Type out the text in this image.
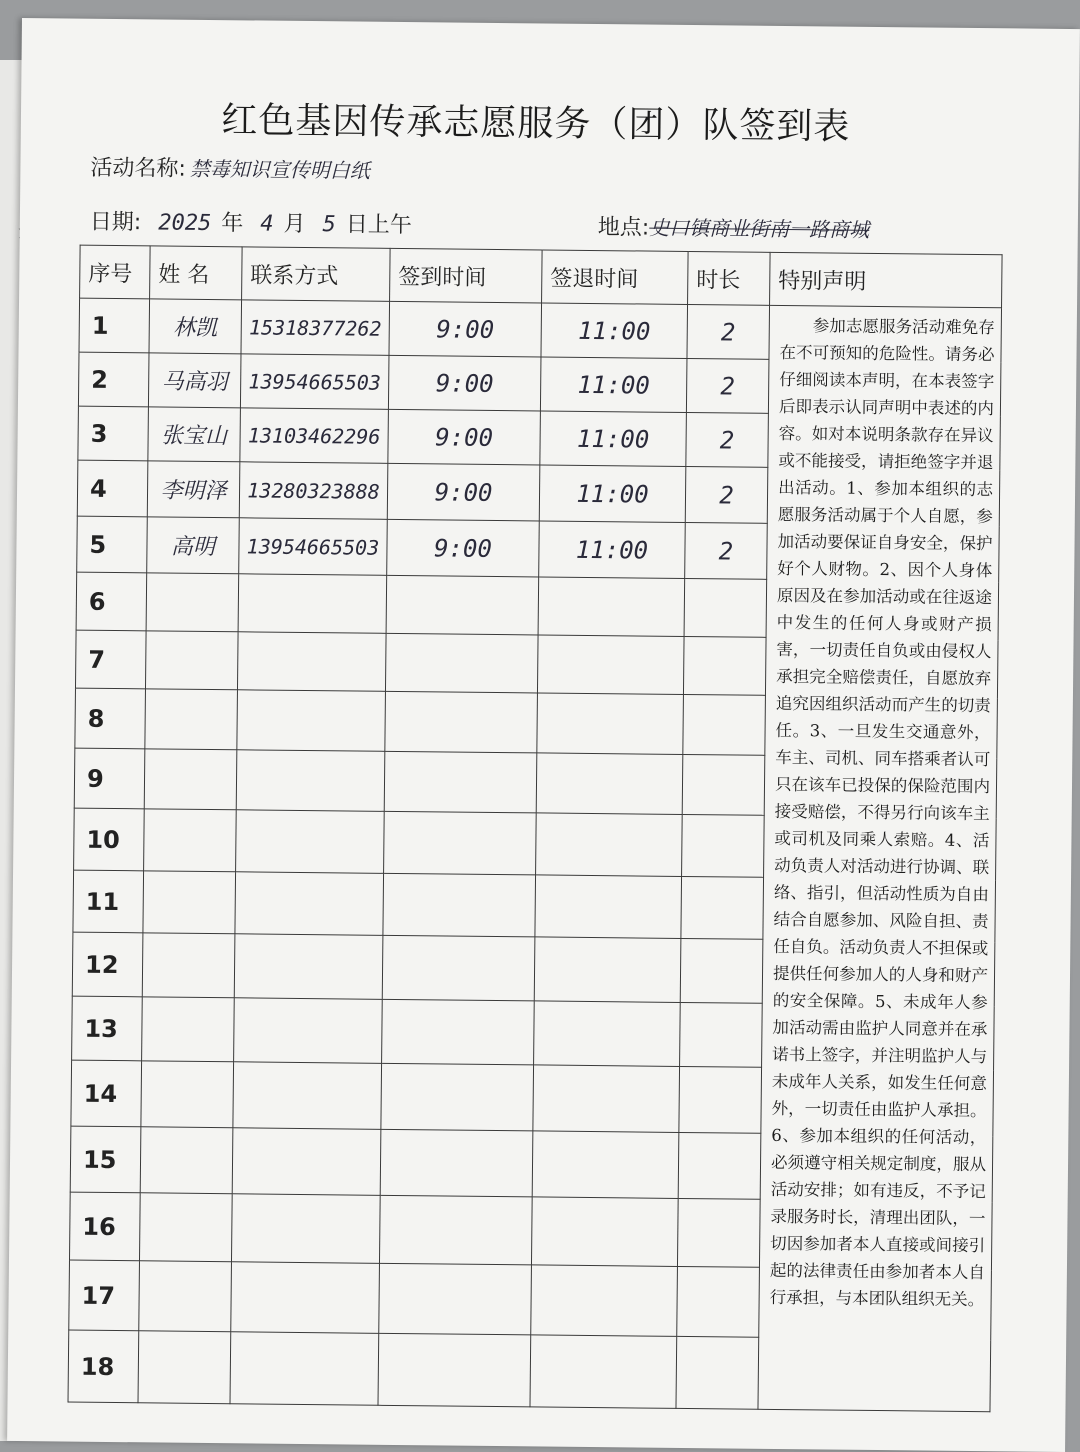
红色基因传承志愿服务（团）队签到表
活动名称: 禁毒知识宣传明白纸
日期: 2025 年 4 月 5 日上午	地点:史口镇商业街南一路商城
序号	姓 名	联系方式	签到时间	签退时间	时长	特别声明
1	林凯	15318377262	9:00	11:00	2	参加志愿服务活动难免存在不可预知的危险性。请务必仔细阅读本声明，在本表签字后即表示认同声明中表述的内容。如对本说明条款存在异议或不能接受，请拒绝签字并退出活动。1、参加本组织的志愿服务活动属于个人自愿，参加活动要保证自身安全，保护好个人财物。2、因个人身体原因及在参加活动或在往返途中发生的任何人身或财产损害，一切责任自负或由侵权人承担完全赔偿责任，自愿放弃追究因组织活动而产生的切责任。3、一旦发生交通意外，车主、司机、同车搭乘者认可只在该车已投保的保险范围内接受赔偿，不得另行向该车主或司机及同乘人索赔。4、活动负责人对活动进行协调、联络、指引，但活动性质为自由结合自愿参加、风险自担、责任自负。活动负责人不担保或提供任何参加人的人身和财产的安全保障。5、未成年人参加活动需由监护人同意并在承诺书上签字，并注明监护人与未成年人关系，如发生任何意外，一切责任由监护人承担。6、参加本组织的任何活动，必须遵守相关规定制度，服从活动安排；如有违反，不予记录服务时长，清理出团队，一切因参加者本人直接或间接引起的法律责任由参加者本人自行承担，与本团队组织无关。

2	马高羽	13954665503	9:00	11:00	2	
3	张宝山	13103462296	9:00	11:00	2	
4	李明泽	13280323888	9:00	11:00	2	
5	高明	13954665503	9:00	11:00	2	
6						
7						
8						
9						
10						
11						
12						
13						
14						
15						
16						
17						
18						
